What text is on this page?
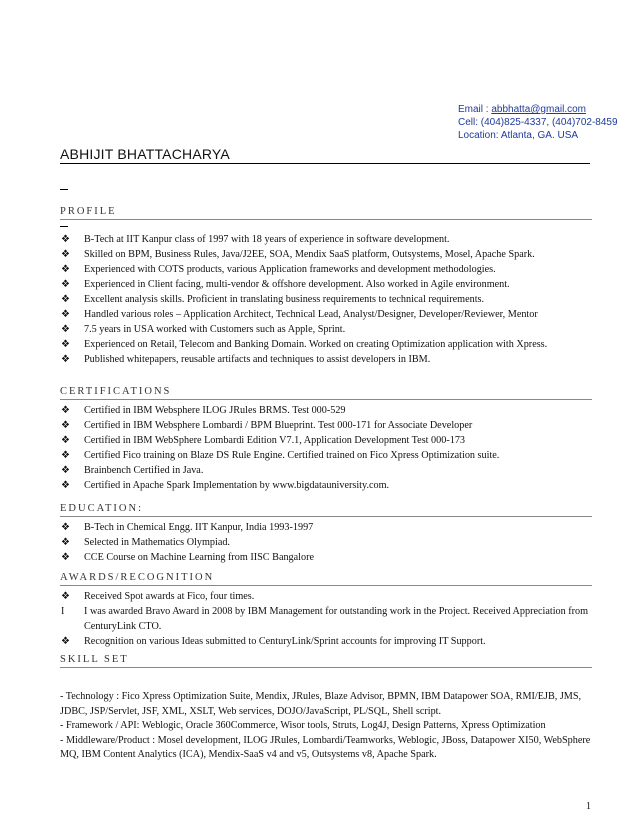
Email : abbhatta@gmail.com
Cell: (404)825-4337, (404)702-8459
Location: Atlanta, GA. USA
ABHIJIT BHATTACHARYA
PROFILE
❖ B-Tech at IIT Kanpur class of 1997 with 18 years of experience in software development.
❖ Skilled on BPM, Business Rules, Java/J2EE, SOA, Mendix SaaS platform, Outsystems, Mosel, Apache Spark.
❖ Experienced with COTS products, various Application frameworks and development methodologies.
❖ Experienced in Client facing, multi-vendor & offshore development. Also worked in Agile environment.
❖ Excellent analysis skills. Proficient in translating business requirements to technical requirements.
❖ Handled various roles – Application Architect, Technical Lead, Analyst/Designer, Developer/Reviewer, Mentor
❖ 7.5 years in USA worked with Customers such as Apple, Sprint.
❖ Experienced on Retail, Telecom and Banking Domain. Worked on creating Optimization application with Xpress.
❖ Published whitepapers, reusable artifacts and techniques to assist developers in IBM.
CERTIFICATIONS
❖ Certified in IBM Websphere ILOG JRules BRMS. Test 000-529
❖ Certified in IBM Websphere Lombardi / BPM Blueprint. Test 000-171 for Associate Developer
❖ Certified in IBM WebSphere Lombardi Edition V7.1, Application Development Test 000-173
❖ Certified Fico training on Blaze DS Rule Engine. Certified trained on Fico Xpress Optimization suite.
❖ Brainbench Certified in Java.
❖ Certified in Apache Spark Implementation by www.bigdatauniversity.com.
EDUCATION:
❖ B-Tech in Chemical Engg. IIT Kanpur, India 1993-1997
❖ Selected in Mathematics Olympiad.
❖ CCE Course on Machine Learning from IISC Bangalore
AWARDS/RECOGNITION
❖ Received Spot awards at Fico, four times.
I I was awarded Bravo Award in 2008 by IBM Management for outstanding work in the Project. Received Appreciation from CenturyLink CTO.
❖ Recognition on various Ideas submitted to CenturyLink/Sprint accounts for improving IT Support.
SKILL SET
- Technology : Fico Xpress Optimization Suite, Mendix, JRules, Blaze Advisor, BPMN, IBM Datapower SOA, RMI/EJB, JMS, JDBC, JSP/Servlet, JSF, XML, XSLT, Web services, DOJO/JavaScript, PL/SQL, Shell script.
- Framework / API: Weblogic, Oracle 360Commerce, Wisor tools, Struts, Log4J, Design Patterns, Xpress Optimization
- Middleware/Product : Mosel development, ILOG JRules, Lombardi/Teamworks, Weblogic, JBoss, Datapower XI50, WebSphere MQ, IBM Content Analytics (ICA), Mendix-SaaS v4 and v5, Outsystems v8, Apache Spark.
1
